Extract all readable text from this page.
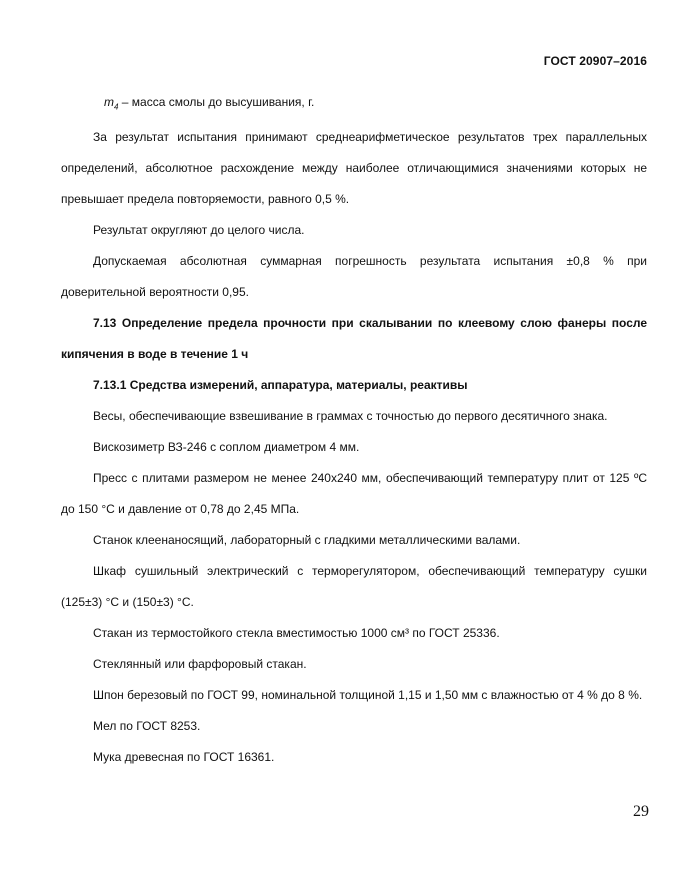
ГОСТ 20907–2016

$m_4$ – масса смолы до высушивания, г.

За результат испытания принимают среднеарифметическое результатов трех параллельных определений, абсолютное расхождение между наиболее отличающимися значениями которых не превышает предела повторяемости, равного 0,5 %.

Результат округляют до целого числа.

Допускаемая абсолютная суммарная погрешность результата испытания ±0,8 % при доверительной вероятности 0,95.

7.13 Определение предела прочности при скалывании по клеевому слою фанеры после кипячения в воде в течение 1 ч

7.13.1 Средства измерений, аппаратура, материалы, реактивы

Весы, обеспечивающие взвешивание в граммах с точностью до первого десятичного знака.

Вискозиметр ВЗ-246 с соплом диаметром 4 мм.

Пресс с плитами размером не менее 240х240 мм, обеспечивающий температуру плит от 125 ºС до 150 °С и давление от 0,78 до 2,45 МПа.

Станок клеенаносящий, лабораторный с гладкими металлическими валами.

Шкаф сушильный электрический с терморегулятором, обеспечивающий температуру сушки (125±3) °С и (150±3) °С.

Стакан из термостойкого стекла вместимостью 1000 см³ по ГОСТ 25336.

Стеклянный или фарфоровый стакан.

Шпон березовый по ГОСТ 99, номинальной толщиной 1,15 и 1,50 мм с влажностью от 4 % до 8 %.

Мел по ГОСТ 8253.

Мука древесная по ГОСТ 16361.

29
